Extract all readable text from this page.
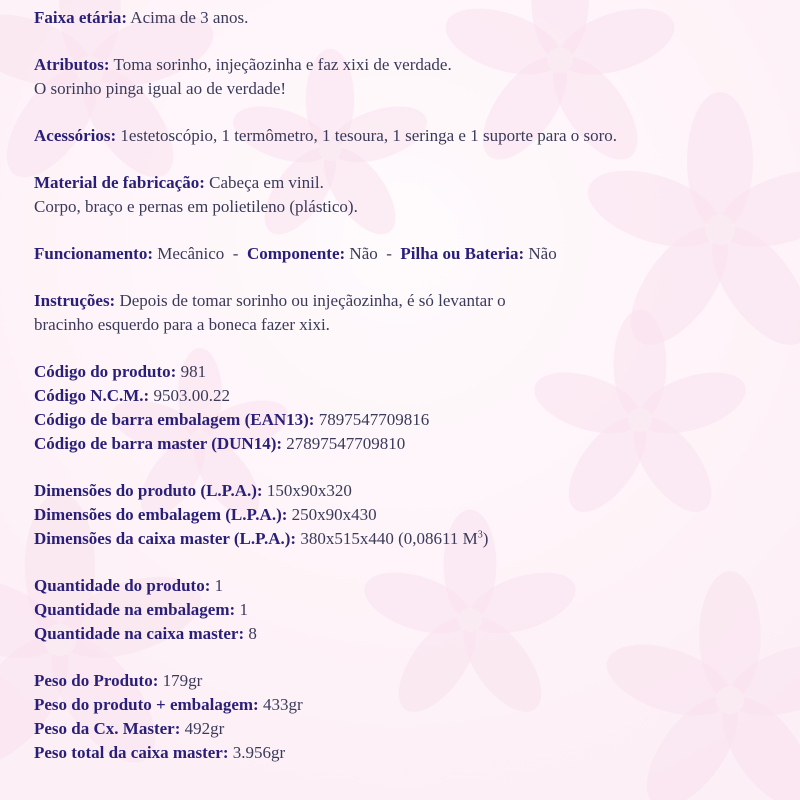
Faixa etária: Acima de 3 anos.
Atributos: Toma sorinho, injeçãozinha e faz xixi de verdade.
O sorinho pinga igual ao de verdade!
Acessórios: 1estetoscópio, 1 termômetro, 1 tesoura, 1 seringa e 1 suporte para o soro.
Material de fabricação: Cabeça em vinil.
Corpo, braço e pernas em polietileno (plástico).
Funcionamento: Mecânico  -  Componente: Não  -  Pilha ou Bateria: Não
Instruções: Depois de tomar sorinho ou injeçãozinha, é só levantar o
bracinho esquerdo para a boneca fazer xixi.
Código do produto: 981
Código N.C.M.: 9503.00.22
Código de barra embalagem (EAN13): 7897547709816
Código de barra master (DUN14): 27897547709810
Dimensões do produto (L.P.A.): 150x90x320
Dimensões do embalagem (L.P.A.): 250x90x430
Dimensões da caixa master (L.P.A.): 380x515x440 (0,08611 $M^3$)
Quantidade do produto: 1
Quantidade na embalagem: 1
Quantidade na caixa master: 8
Peso do Produto: 179gr
Peso do produto + embalagem: 433gr
Peso da Cx. Master: 492gr
Peso total da caixa master: 3.956gr
